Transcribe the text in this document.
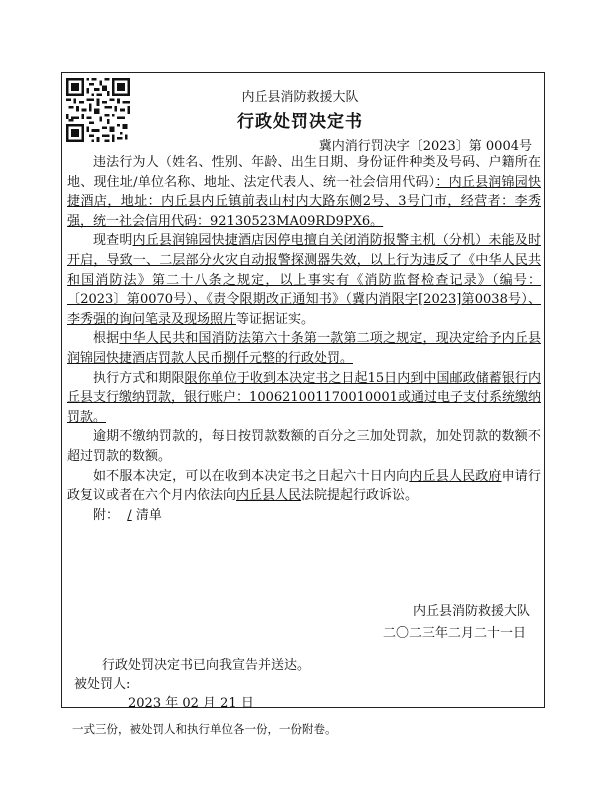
内丘县消防救援大队
行政处罚决定书
冀内消行罚决字〔2023〕第 0004号

违法行为人（姓名、性别、年龄、出生日期、身份证件种类及号码、户籍所在地、现住址/单位名称、地址、法定代表人、统一社会信用代码）：内丘县润锦园快捷酒店，地址：内丘县内丘镇前表山村内大路东侧2号、3号门市，经营者：李秀强，统一社会信用代码：92130523MA09RD9PX6。

现查明内丘县润锦园快捷酒店因停电擅自关闭消防报警主机（分机）未能及时开启，导致一、二层部分火灾自动报警探测器失效，以上行为违反了《中华人民共和国消防法》第二十八条之规定，以上事实有《消防监督检查记录》（编号：〔2023〕第0070号）、《责令限期改正通知书》（冀内消限字[2023]第0038号）、李秀强的询问笔录及现场照片等证据证实。

根据中华人民共和国消防法第六十条第一款第二项之规定，现决定给予内丘县润锦园快捷酒店罚款人民币捌仟元整的行政处罚。

执行方式和期限限你单位于收到本决定书之日起15日内到中国邮政储蓄银行内丘县支行缴纳罚款，银行账户：100621001170010001或通过电子支付系统缴纳罚款。

逾期不缴纳罚款的，每日按罚款数额的百分之三加处罚款，加处罚款的数额不超过罚款的数额。

如不服本决定，可以在收到本决定书之日起六十日内向内丘县人民政府申请行政复议或者在六个月内依法向内丘县人民法院提起行政诉讼。

附： / 清单

内丘县消防救援大队
二〇二三年二月二十一日
行政处罚决定书已向我宣告并送达。
被处罚人:
2023 年 02 月 21 日
一式三份，被处罚人和执行单位各一份，一份附卷。
